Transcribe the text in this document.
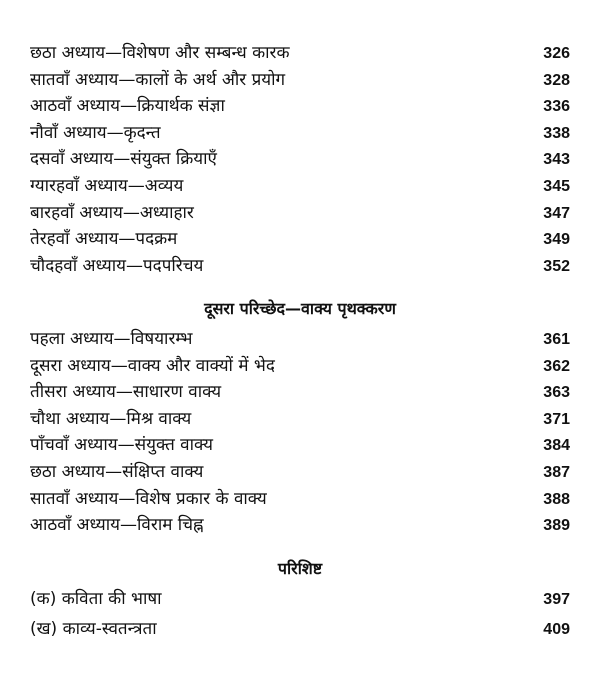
छठा अध्याय—विशेषण और सम्बन्ध कारक	326
सातवाँ अध्याय—कालों के अर्थ और प्रयोग	328
आठवाँ अध्याय—क्रियार्थक संज्ञा	336
नौवाँ अध्याय—कृदन्त	338
दसवाँ अध्याय—संयुक्त क्रियाएँ	343
ग्यारहवाँ अध्याय—अव्यय	345
बारहवाँ अध्याय—अध्याहार	347
तेरहवाँ अध्याय—पदक्रम	349
चौदहवाँ अध्याय—पदपरिचय	352
दूसरा परिच्छेद—वाक्य पृथक्करण
पहला अध्याय—विषयारम्भ	361
दूसरा अध्याय—वाक्य और वाक्यों में भेद	362
तीसरा अध्याय—साधारण वाक्य	363
चौथा अध्याय—मिश्र वाक्य	371
पाँचवाँ अध्याय—संयुक्त वाक्य	384
छठा अध्याय—संक्षिप्त वाक्य	387
सातवाँ अध्याय—विशेष प्रकार के वाक्य	388
आठवाँ अध्याय—विराम चिह्न	389
परिशिष्ट
(क) कविता की भाषा	397
(ख) काव्य-स्वतन्त्रता	409
